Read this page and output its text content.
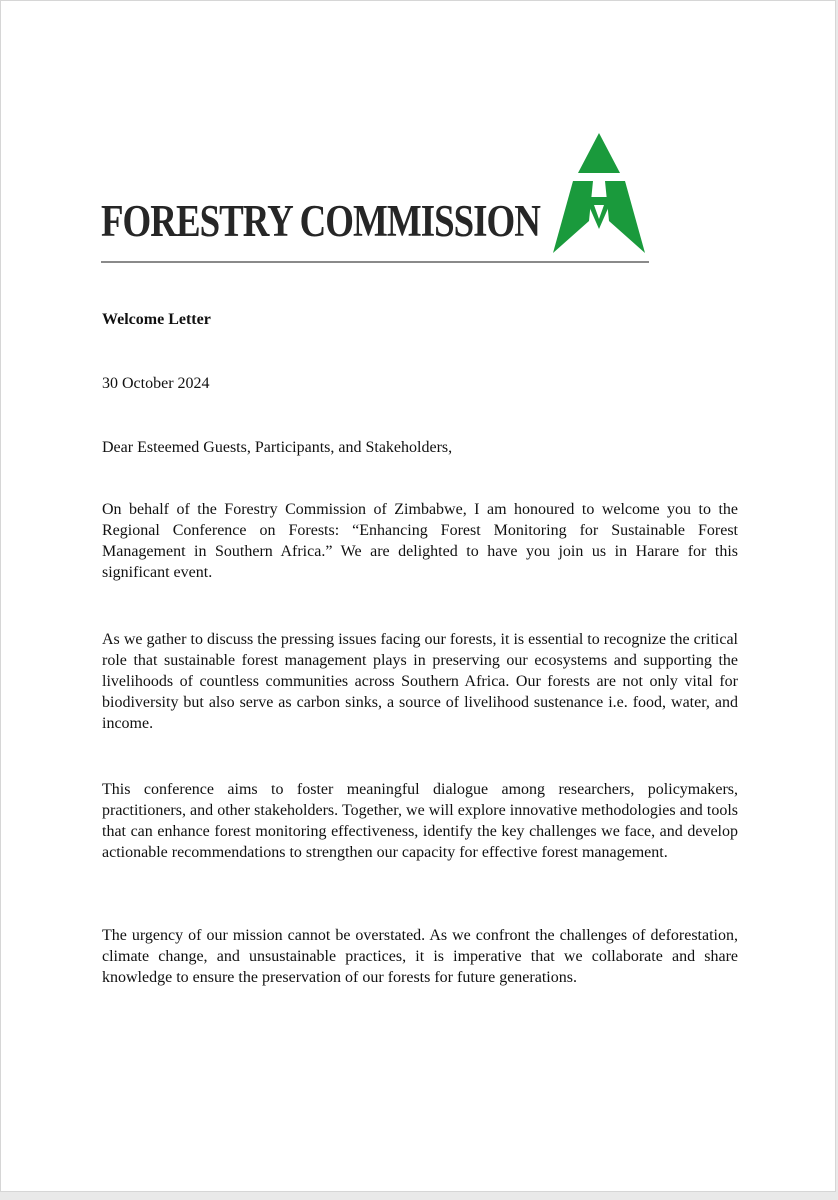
FORESTRY COMMISSION

Welcome Letter

30 October 2024

Dear Esteemed Guests, Participants, and Stakeholders,

On behalf of the Forestry Commission of Zimbabwe, I am honoured to welcome you to the Regional Conference on Forests: “Enhancing Forest Monitoring for Sustainable Forest Management in Southern Africa.” We are delighted to have you join us in Harare for this significant event.

As we gather to discuss the pressing issues facing our forests, it is essential to recognize the critical role that sustainable forest management plays in preserving our ecosystems and supporting the livelihoods of countless communities across Southern Africa. Our forests are not only vital for biodiversity but also serve as carbon sinks, a source of livelihood sustenance i.e. food, water, and income.

This conference aims to foster meaningful dialogue among researchers, policymakers, practitioners, and other stakeholders. Together, we will explore innovative methodologies and tools that can enhance forest monitoring effectiveness, identify the key challenges we face, and develop actionable recommendations to strengthen our capacity for effective forest management.

The urgency of our mission cannot be overstated. As we confront the challenges of deforestation, climate change, and unsustainable practices, it is imperative that we collaborate and share knowledge to ensure the preservation of our forests for future generations.
